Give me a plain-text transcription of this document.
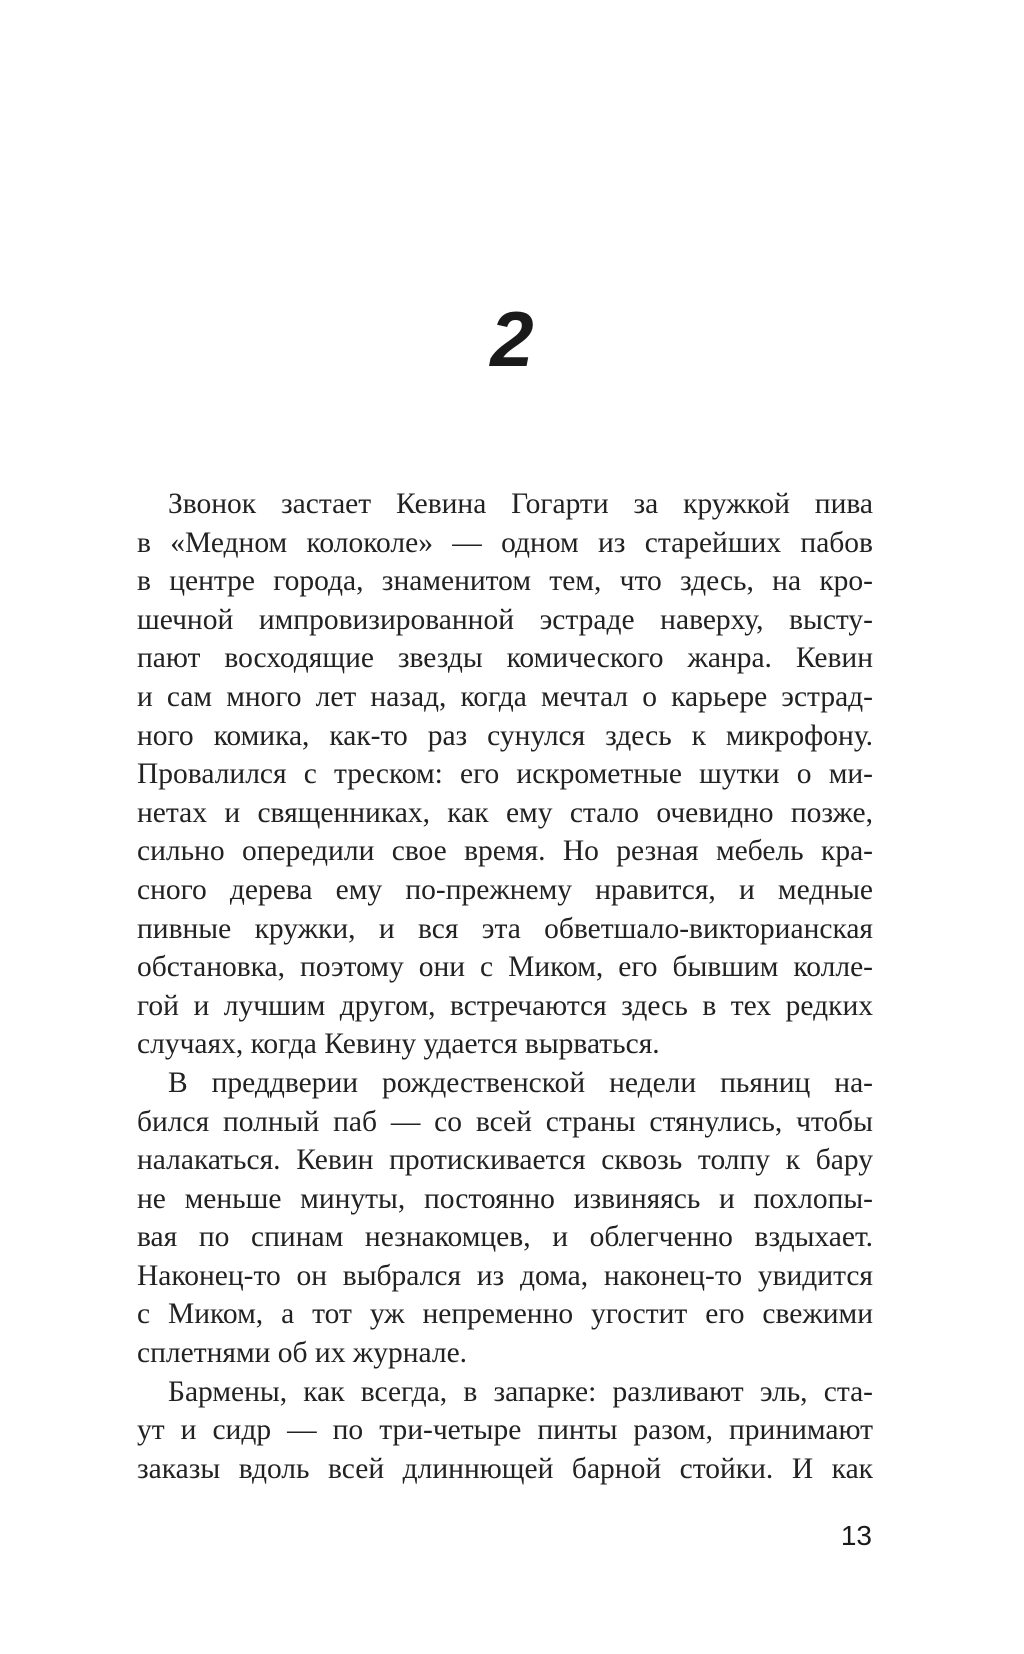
2
Звонок застает Кевина Гогарти за кружкой пива
в «Медном колоколе» — одном из старейших пабов
в центре города, знаменитом тем, что здесь, на кро-
шечной импровизированной эстраде наверху, высту-
пают восходящие звезды комического жанра. Кевин
и сам много лет назад, когда мечтал о карьере эстрад-
ного комика, как-то раз сунулся здесь к микрофону.
Провалился с треском: его искрометные шутки о ми-
нетах и священниках, как ему стало очевидно позже,
сильно опередили свое время. Но резная мебель кра-
сного дерева ему по-прежнему нравится, и медные
пивные кружки, и вся эта обветшало-викторианская
обстановка, поэтому они с Миком, его бывшим колле-
гой и лучшим другом, встречаются здесь в тех редких
случаях, когда Кевину удается вырваться.
В преддверии рождественской недели пьяниц на-
бился полный паб — со всей страны стянулись, чтобы
налакаться. Кевин протискивается сквозь толпу к бару
не меньше минуты, постоянно извиняясь и похлопы-
вая по спинам незнакомцев, и облегченно вздыхает.
Наконец-то он выбрался из дома, наконец-то увидится
с Миком, а тот уж непременно угостит его свежими
сплетнями об их журнале.
Бармены, как всегда, в запарке: разливают эль, ста-
ут и сидр — по три-четыре пинты разом, принимают
заказы вдоль всей длиннющей барной стойки. И как
13
